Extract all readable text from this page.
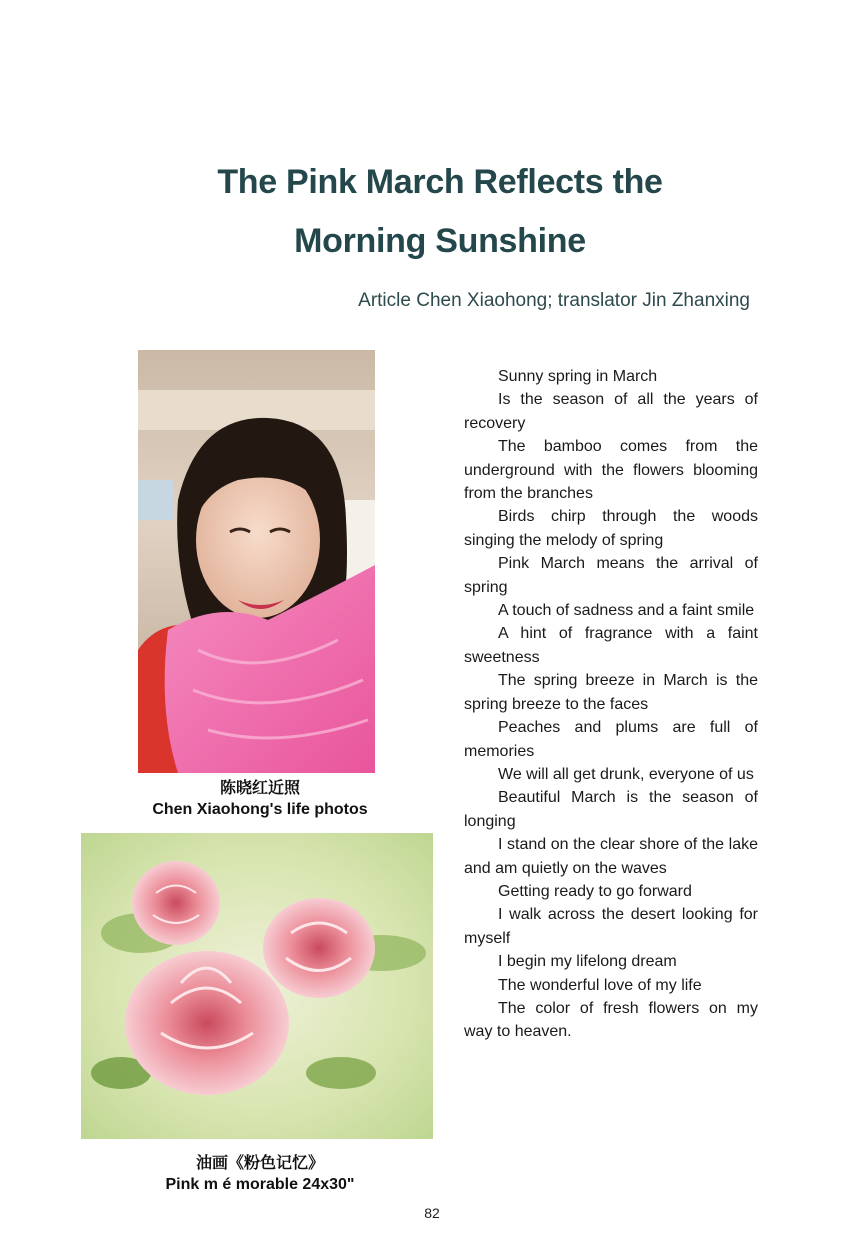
The Pink March Reflects the
Morning Sunshine
Article Chen Xiaohong; translator Jin Zhanxing
陈晓红近照
Chen Xiaohong's life photos
油画《粉色记忆》
Pink m é morable 24x30"

Sunny spring in March

Is the season of all the years of recovery

The bamboo comes from the underground with the flowers blooming from the branches

Birds chirp through the woods singing the melody of spring

Pink March means the arrival of spring

A touch of sadness and a faint smile

A hint of fragrance with a faint sweetness

The spring breeze in March is the spring breeze to the faces

Peaches and plums are full of memories

We will all get drunk, everyone of us

Beautiful March is the season of longing

I stand on the clear shore of the lake and am quietly on the waves

Getting ready to go forward

I walk across the desert looking for myself

I begin my lifelong dream

The wonderful love of my life

The color of fresh flowers on my way to heaven.

82
